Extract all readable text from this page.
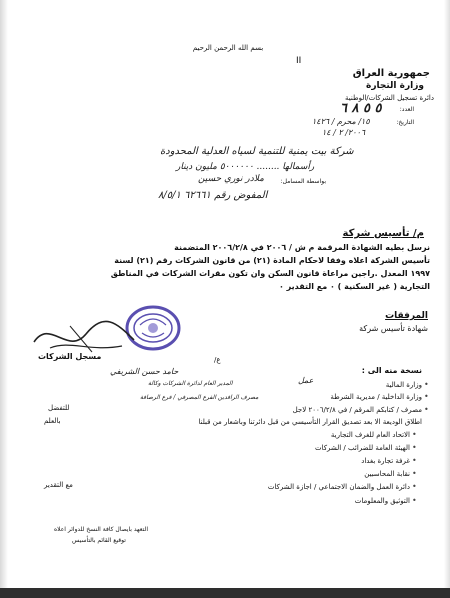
بسم الله الرحمن الرحيم
II
جمهورية العراق
وزارة التجارة
دائرة تسجيل الشركات/الوطنية
العدد:
٥ ٥ ٨ ٦
التاريخ:
١٥/ محرم / ١٤٢٦
٢٠٠٦/ ٢ / ١٤
شركة بيت يمنية للتنمية لسياه العدلية المحدودة
رأسمالها ........ ٥٠٠٠٠٠٠ مليون دينار
بواسطة المسامل:
ملادر نوري حسين
المفوض رقم ٦٢٦٦١ ٨/٥/١
م/ تأسيس شركة
نرسل بطيه الشهادة المرقمة م ش / ٢٠٠٦ في ٢٠٠٦/٢/٨ المتضمنة
تأسيس الشركة اعلاه وفقا لاحكام المادة (٢١) من قانون الشركات رقم (٢١) لسنة
١٩٩٧ المعدل .راجين مراعاة قانون السكن وان تكون مقرات الشركات في المناطق
التجارية ( غير السكنية ) ٠ مع التقدير ٠
المرفقات
شهادة تأسيس شركة
ع/
مسجل الشركات
حامد حسن الشريفي
المدير العام لدائرة الشركات وكالة
نسخة منه الى :
عمل	وزارة المالية
وزارة الداخلية / مديرية الشرطة
مصرف الرافدين الفرع المصرفي / فرع الرصافة
مصرف / كتابكم المرقم / في ٢٠٠٦/٢/٨ لاجل
اطلاق الوديعة الا بعد تصديق القرار التأسيسي من قبل دائرتنا وباشعار من قبلنا
الاتحاد العام للغرف التجارية
الهيئة العامة للضرائب / الشركات
غرفة تجارة بغداد
نقابة المحاسبين
دائرة العمل والضمان الاجتماعي / اجازة الشركات
التوثيق والمعلومات
•
•
•
•
•
•
•
•
•
للتفضل
بالعلم
مع التقدير
التعهد بايصال كافة النسخ للدوائر اعلاه
توقيع القائم بالتأسيس
